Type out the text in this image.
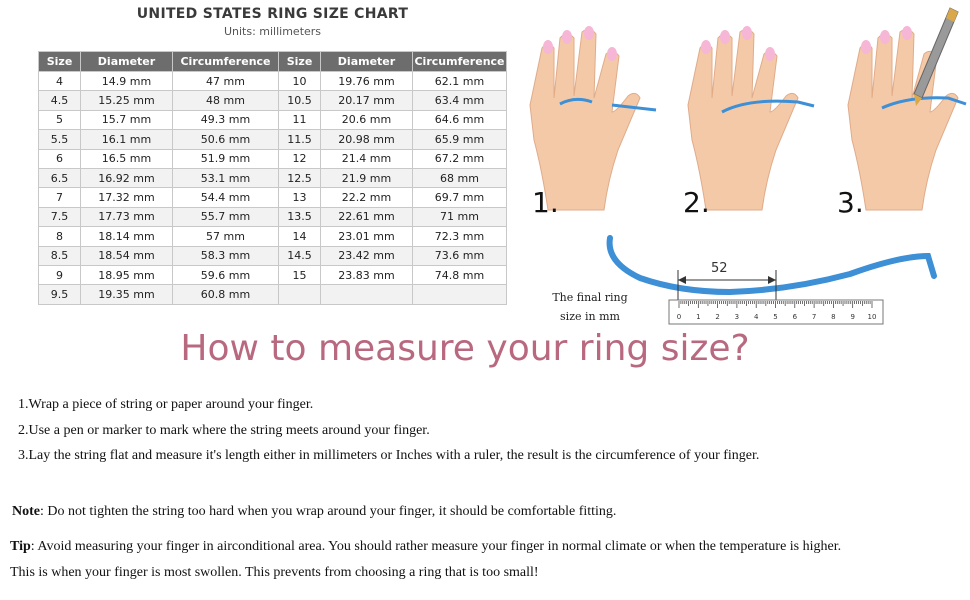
UNITED STATES RING SIZE CHART
Units: millimeters
Size	Diameter	Circumference	Size	Diameter	Circumference
4	14.9 mm	47 mm	10	19.76 mm	62.1 mm
4.5	15.25 mm	48 mm	10.5	20.17 mm	63.4 mm
5	15.7 mm	49.3 mm	11	20.6 mm	64.6 mm
5.5	16.1 mm	50.6 mm	11.5	20.98 mm	65.9 mm
6	16.5 mm	51.9 mm	12	21.4 mm	67.2 mm
6.5	16.92 mm	53.1 mm	12.5	21.9 mm	68 mm
7	17.32 mm	54.4 mm	13	22.2 mm	69.7 mm
7.5	17.73 mm	55.7 mm	13.5	22.61 mm	71 mm
8	18.14 mm	57 mm	14	23.01 mm	72.3 mm
8.5	18.54 mm	58.3 mm	14.5	23.42 mm	73.6 mm
9	18.95 mm	59.6 mm	15	23.83 mm	74.8 mm
9.5	19.35 mm	60.8 mm			
0 1 2 3 4 5 6 7 8 9 10
1.	2.	3.
52
The final ring
size in mm
How to measure your ring size?
1.Wrap a piece of string or paper around your finger.
2.Use a pen or marker to mark where the string meets around your finger.
3.Lay the string flat and measure it's length either in millimeters or Inches with a ruler, the result is the circumference of your finger.
Note: Do not tighten the string too hard when you wrap around your finger, it should be comfortable fitting.
Tip: Avoid measuring your finger in airconditional area. You should rather measure your finger in normal climate or when the temperature is higher.
This is when your finger is most swollen. This prevents from choosing a ring that is too small!
